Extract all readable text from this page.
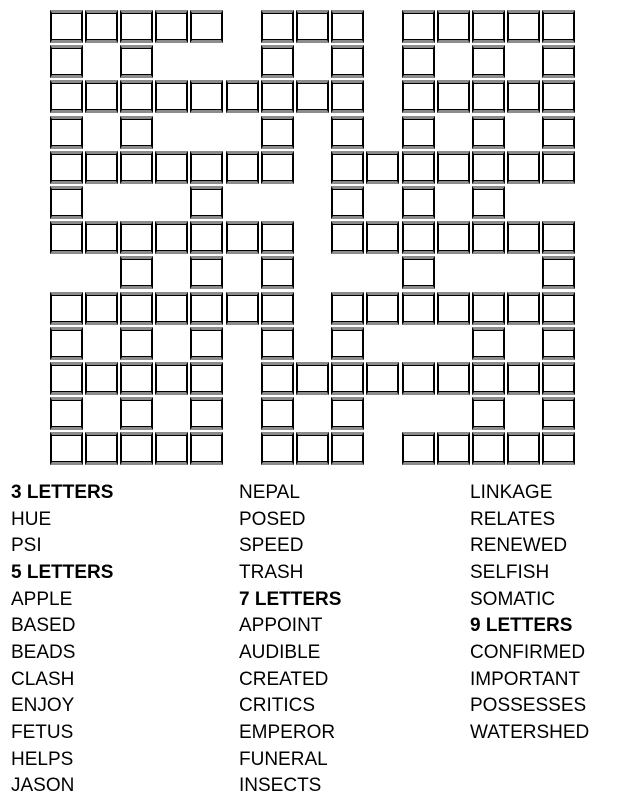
3 LETTERS
HUE
PSI
5 LETTERS
APPLE
BASED
BEADS
CLASH
ENJOY
FETUS
HELPS
JASON
NEPAL
POSED
SPEED
TRASH
7 LETTERS
APPOINT
AUDIBLE
CREATED
CRITICS
EMPEROR
FUNERAL
INSECTS
LINKAGE
RELATES
RENEWED
SELFISH
SOMATIC
9 LETTERS
CONFIRMED
IMPORTANT
POSSESSES
WATERSHED
